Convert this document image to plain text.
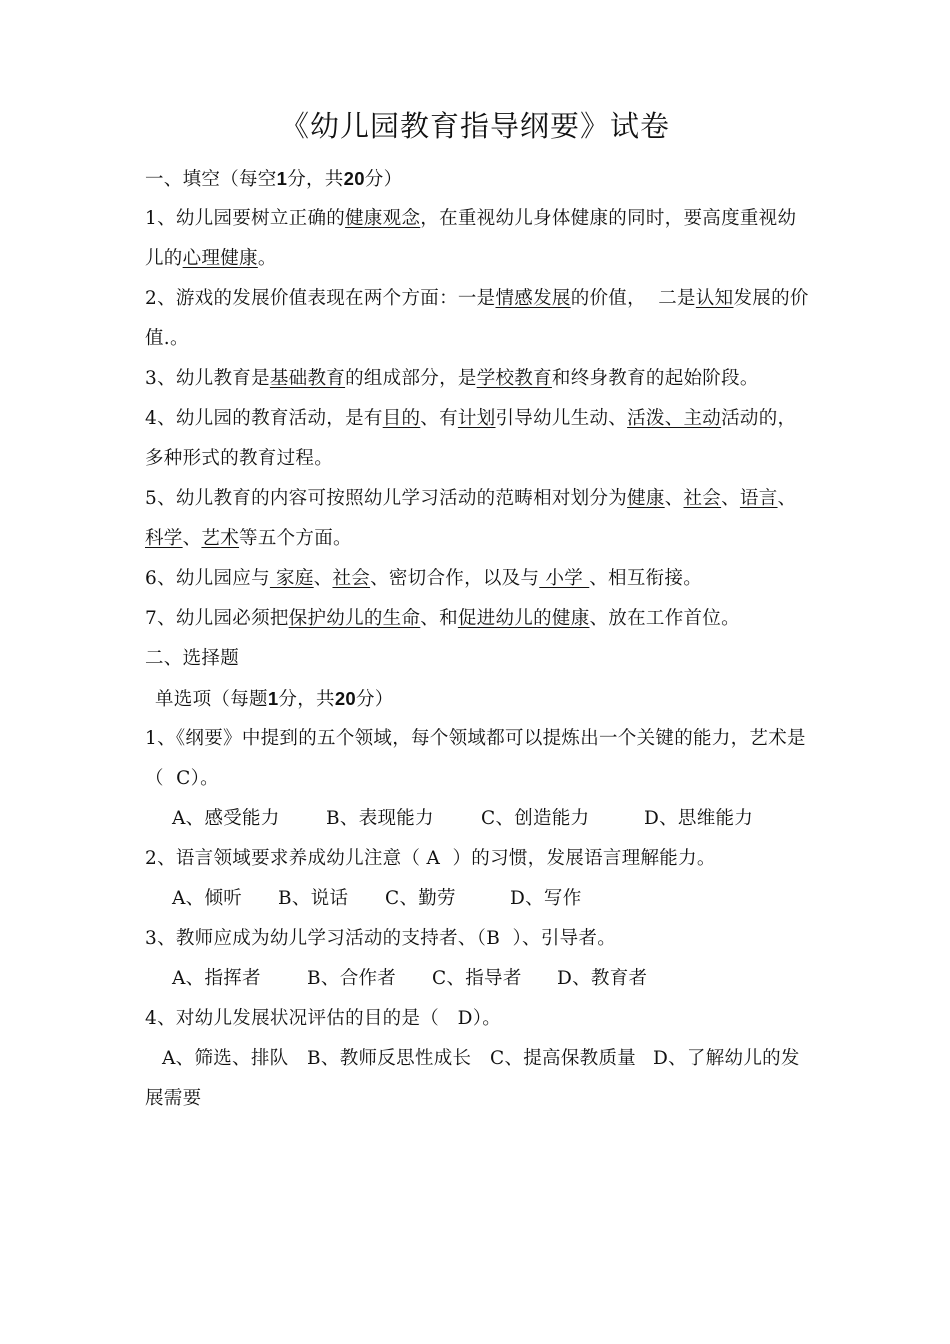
《幼儿园教育指导纲要》试卷
一、填空（每空1分，共20分）
1、幼儿园要树立正确的健康观念，在重视幼儿身体健康的同时，要高度重视幼
儿的心理健康。
2、游戏的发展价值表现在两个方面：一是情感发展的价值，  二是认知发展的价
值.。
3、幼儿教育是基础教育的组成部分，是学校教育和终身教育的起始阶段。
4、幼儿园的教育活动，是有目的、有计划引导幼儿生动、活泼、主动活动的，
多种形式的教育过程。
5、幼儿教育的内容可按照幼儿学习活动的范畴相对划分为健康、社会、语言、
科学、艺术等五个方面。
6、幼儿园应与 家庭、社会、密切合作，以及与 小学 、相互衔接。
7、幼儿园必须把保护幼儿的生命、和促进幼儿的健康、放在工作首位。
二、选择题
单选项（每题1分，共20分）
1、《纲要》中提到的五个领域，每个领域都可以提炼出一个关键的能力，艺术是
（  C）。
A、感受能力	B、表现能力	C、创造能力	D、思维能力
2、语言领域要求养成幼儿注意（ A  ）的习惯，发展语言理解能力。
A、倾听 B、说话 C、勤劳	D、写作
3、教师应成为幼儿学习活动的支持者、（B  ）、引导者。
A、指挥者 B、合作者 C、指导者 D、教育者
4、对幼儿发展状况评估的目的是（   D）。
A、筛选、排队 B、教师反思性成长 C、提高保教质量 D、了解幼儿的发
展需要
